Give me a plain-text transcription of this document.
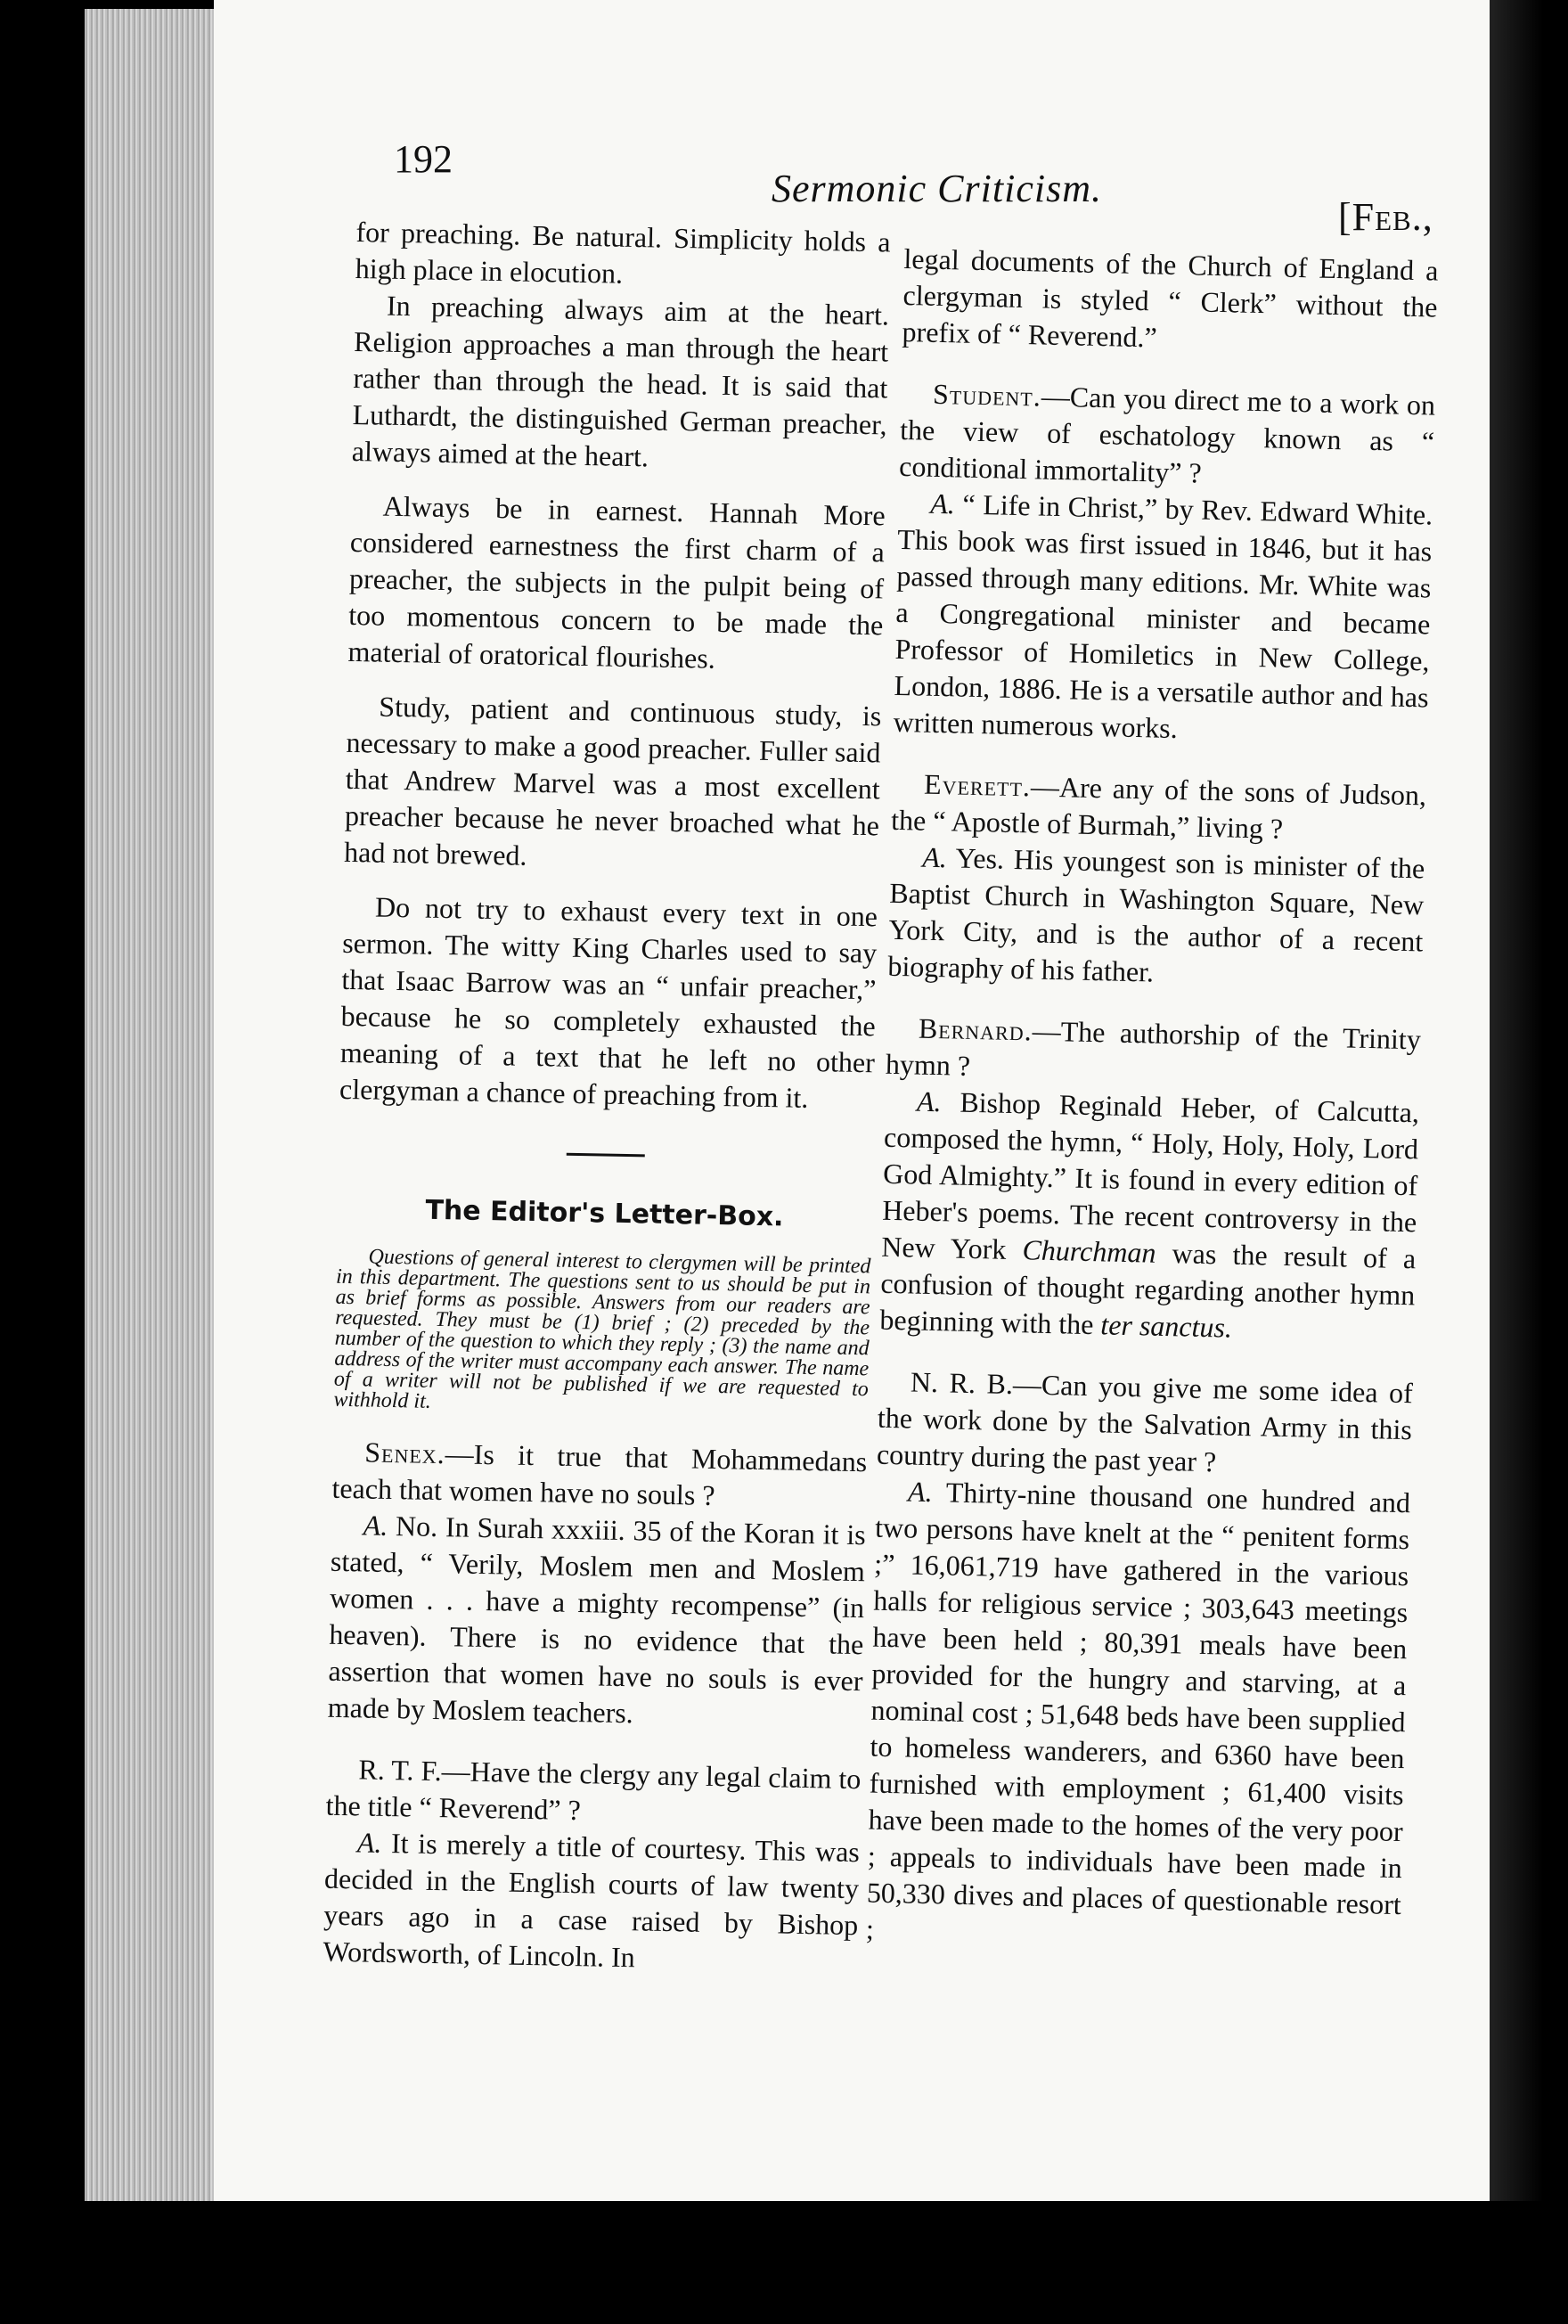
192
Sermonic Criticism.
[Feb.,

for preaching. Be natural. Simplicity holds a high place in elocution.

In preaching always aim at the heart. Religion approaches a man through the heart rather than through the head. It is said that Luthardt, the distinguished German preacher, always aimed at the heart.

Always be in earnest. Hannah More considered earnestness the first charm of a preacher, the subjects in the pulpit being of too momentous concern to be made the material of oratorical flourishes.

Study, patient and continuous study, is necessary to make a good preacher. Fuller said that Andrew Marvel was a most excellent preacher because he never broached what he had not brewed.

Do not try to exhaust every text in one sermon. The witty King Charles used to say that Isaac Barrow was an “ unfair preacher,” because he so completely exhausted the meaning of a text that he left no other clergyman a chance of preaching from it.

The Editor's Letter-Box.

Questions of general interest to clergymen will be printed in this department. The questions sent to us should be put in as brief forms as possible. Answers from our readers are requested. They must be (1) brief ; (2) preceded by the number of the question to which they reply ; (3) the name and address of the writer must accompany each answer. The name of a writer will not be published if we are requested to withhold it.

Senex.—Is it true that Mohammedans teach that women have no souls ?

A. No. In Surah xxxiii. 35 of the Koran it is stated, “ Verily, Moslem men and Moslem women . . . have a mighty recompense” (in heaven). There is no evidence that the assertion that women have no souls is ever made by Moslem teachers.

R. T. F.—Have the clergy any legal claim to the title “ Reverend” ?

A. It is merely a title of courtesy. This was decided in the English courts of law twenty years ago in a case raised by Bishop Wordsworth, of Lincoln. In

legal documents of the Church of England a clergyman is styled “ Clerk” without the prefix of “ Reverend.”

Student.—Can you direct me to a work on the view of eschatology known as “ conditional immortality” ?

A. “ Life in Christ,” by Rev. Edward White. This book was first issued in 1846, but it has passed through many editions. Mr. White was a Congregational minister and became Professor of Homiletics in New College, London, 1886. He is a versatile author and has written numerous works.

Everett.—Are any of the sons of Judson, the “ Apostle of Burmah,” living ?

A. Yes. His youngest son is minister of the Baptist Church in Washington Square, New York City, and is the author of a recent biography of his father.

Bernard.—The authorship of the Trinity hymn ?

A. Bishop Reginald Heber, of Calcutta, composed the hymn, “ Holy, Holy, Holy, Lord God Almighty.” It is found in every edition of Heber's poems. The recent controversy in the New York Churchman was the result of a confusion of thought regarding another hymn beginning with the ter sanctus.

N. R. B.—Can you give me some idea of the work done by the Salvation Army in this country during the past year ?

A. Thirty-nine thousand one hundred and two persons have knelt at the “ penitent forms ;” 16,061,719 have gathered in the various halls for religious service ; 303,643 meetings have been held ; 80,391 meals have been provided for the hungry and starving, at a nominal cost ; 51,648 beds have been supplied to homeless wanderers, and 6360 have been furnished with employment ; 61,400 visits have been made to the homes of the very poor ; appeals to individuals have been made in 50,330 dives and places of questionable resort ;
